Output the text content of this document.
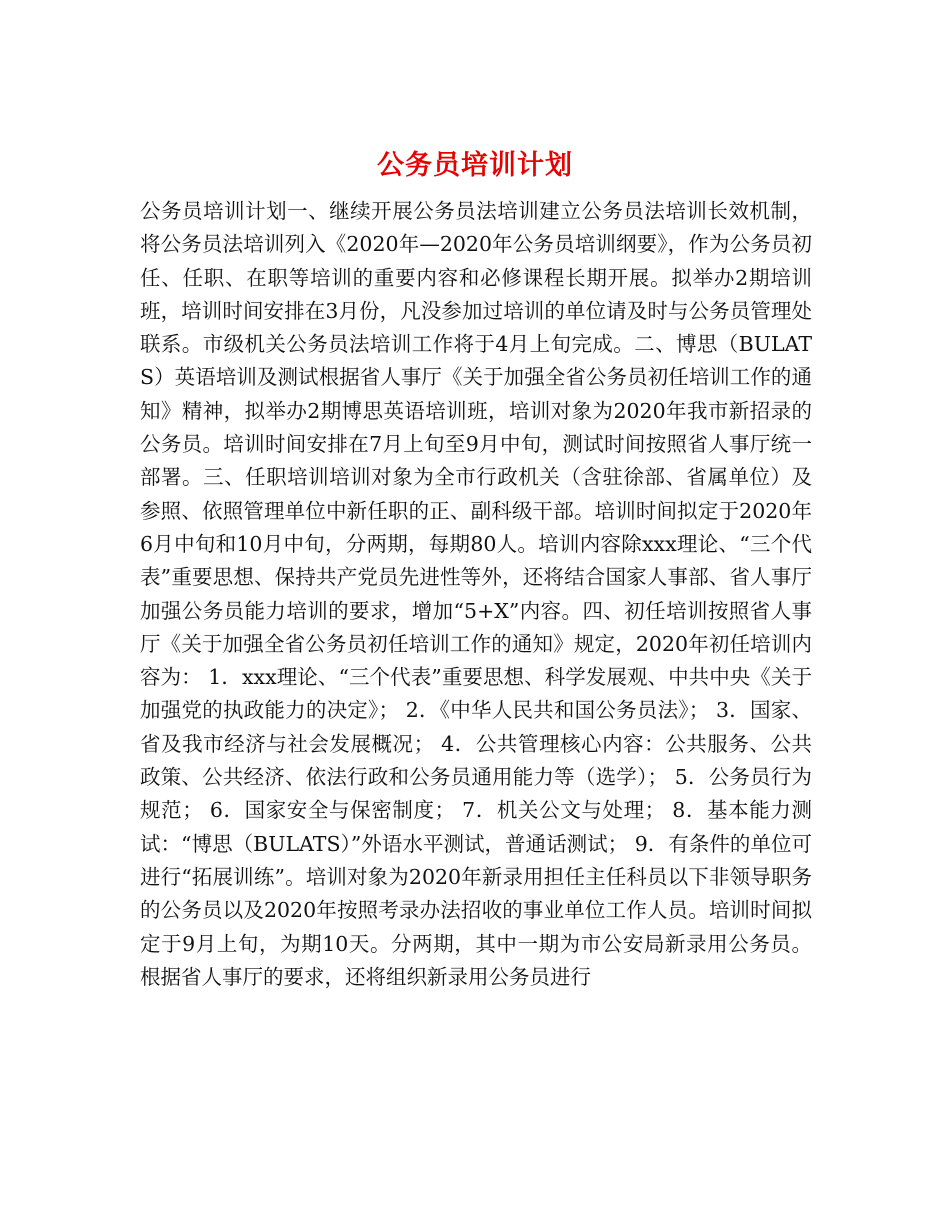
公务员培训计划

公务员培训计划一、继续开展公务员法培训建立公务员法培训长效机制，将公务员法培训列入《2020年—2020年公务员培训纲要》，作为公务员初任、任职、在职等培训的重要内容和必修课程长期开展。拟举办2期培训班，培训时间安排在3月份，凡没参加过培训的单位请及时与公务员管理处联系。市级机关公务员法培训工作将于4月上旬完成。二、博思（BULATS）英语培训及测试根据省人事厅《关于加强全省公务员初任培训工作的通知》精神，拟举办2期博思英语培训班，培训对象为2020年我市新招录的公务员。培训时间安排在7月上旬至9月中旬，测试时间按照省人事厅统一部署。三、任职培训培训对象为全市行政机关（含驻徐部、省属单位）及参照、依照管理单位中新任职的正、副科级干部。培训时间拟定于2020年6月中旬和10月中旬，分两期，每期80人。培训内容除xxx理论、“三个代表”重要思想、保持共产党员先进性等外，还将结合国家人事部、省人事厅加强公务员能力培训的要求，增加“5+X”内容。四、初任培训按照省人事厅《关于加强全省公务员初任培训工作的通知》规定，2020年初任培训内容为： 1．xxx理论、“三个代表”重要思想、科学发展观、中共中央《关于加强党的执政能力的决定》； 2．《中华人民共和国公务员法》； 3．国家、省及我市经济与社会发展概况； 4．公共管理核心内容：公共服务、公共政策、公共经济、依法行政和公务员通用能力等（选学）； 5．公务员行为规范； 6．国家安全与保密制度； 7．机关公文与处理； 8．基本能力测试：“博思（BULATS）”外语水平测试，普通话测试； 9．有条件的单位可进行“拓展训练”。培训对象为2020年新录用担任主任科员以下非领导职务的公务员以及2020年按照考录办法招收的事业单位工作人员。培训时间拟定于9月上旬，为期10天。分两期，其中一期为市公安局新录用公务员。根据省人事厅的要求，还将组织新录用公务员进行
